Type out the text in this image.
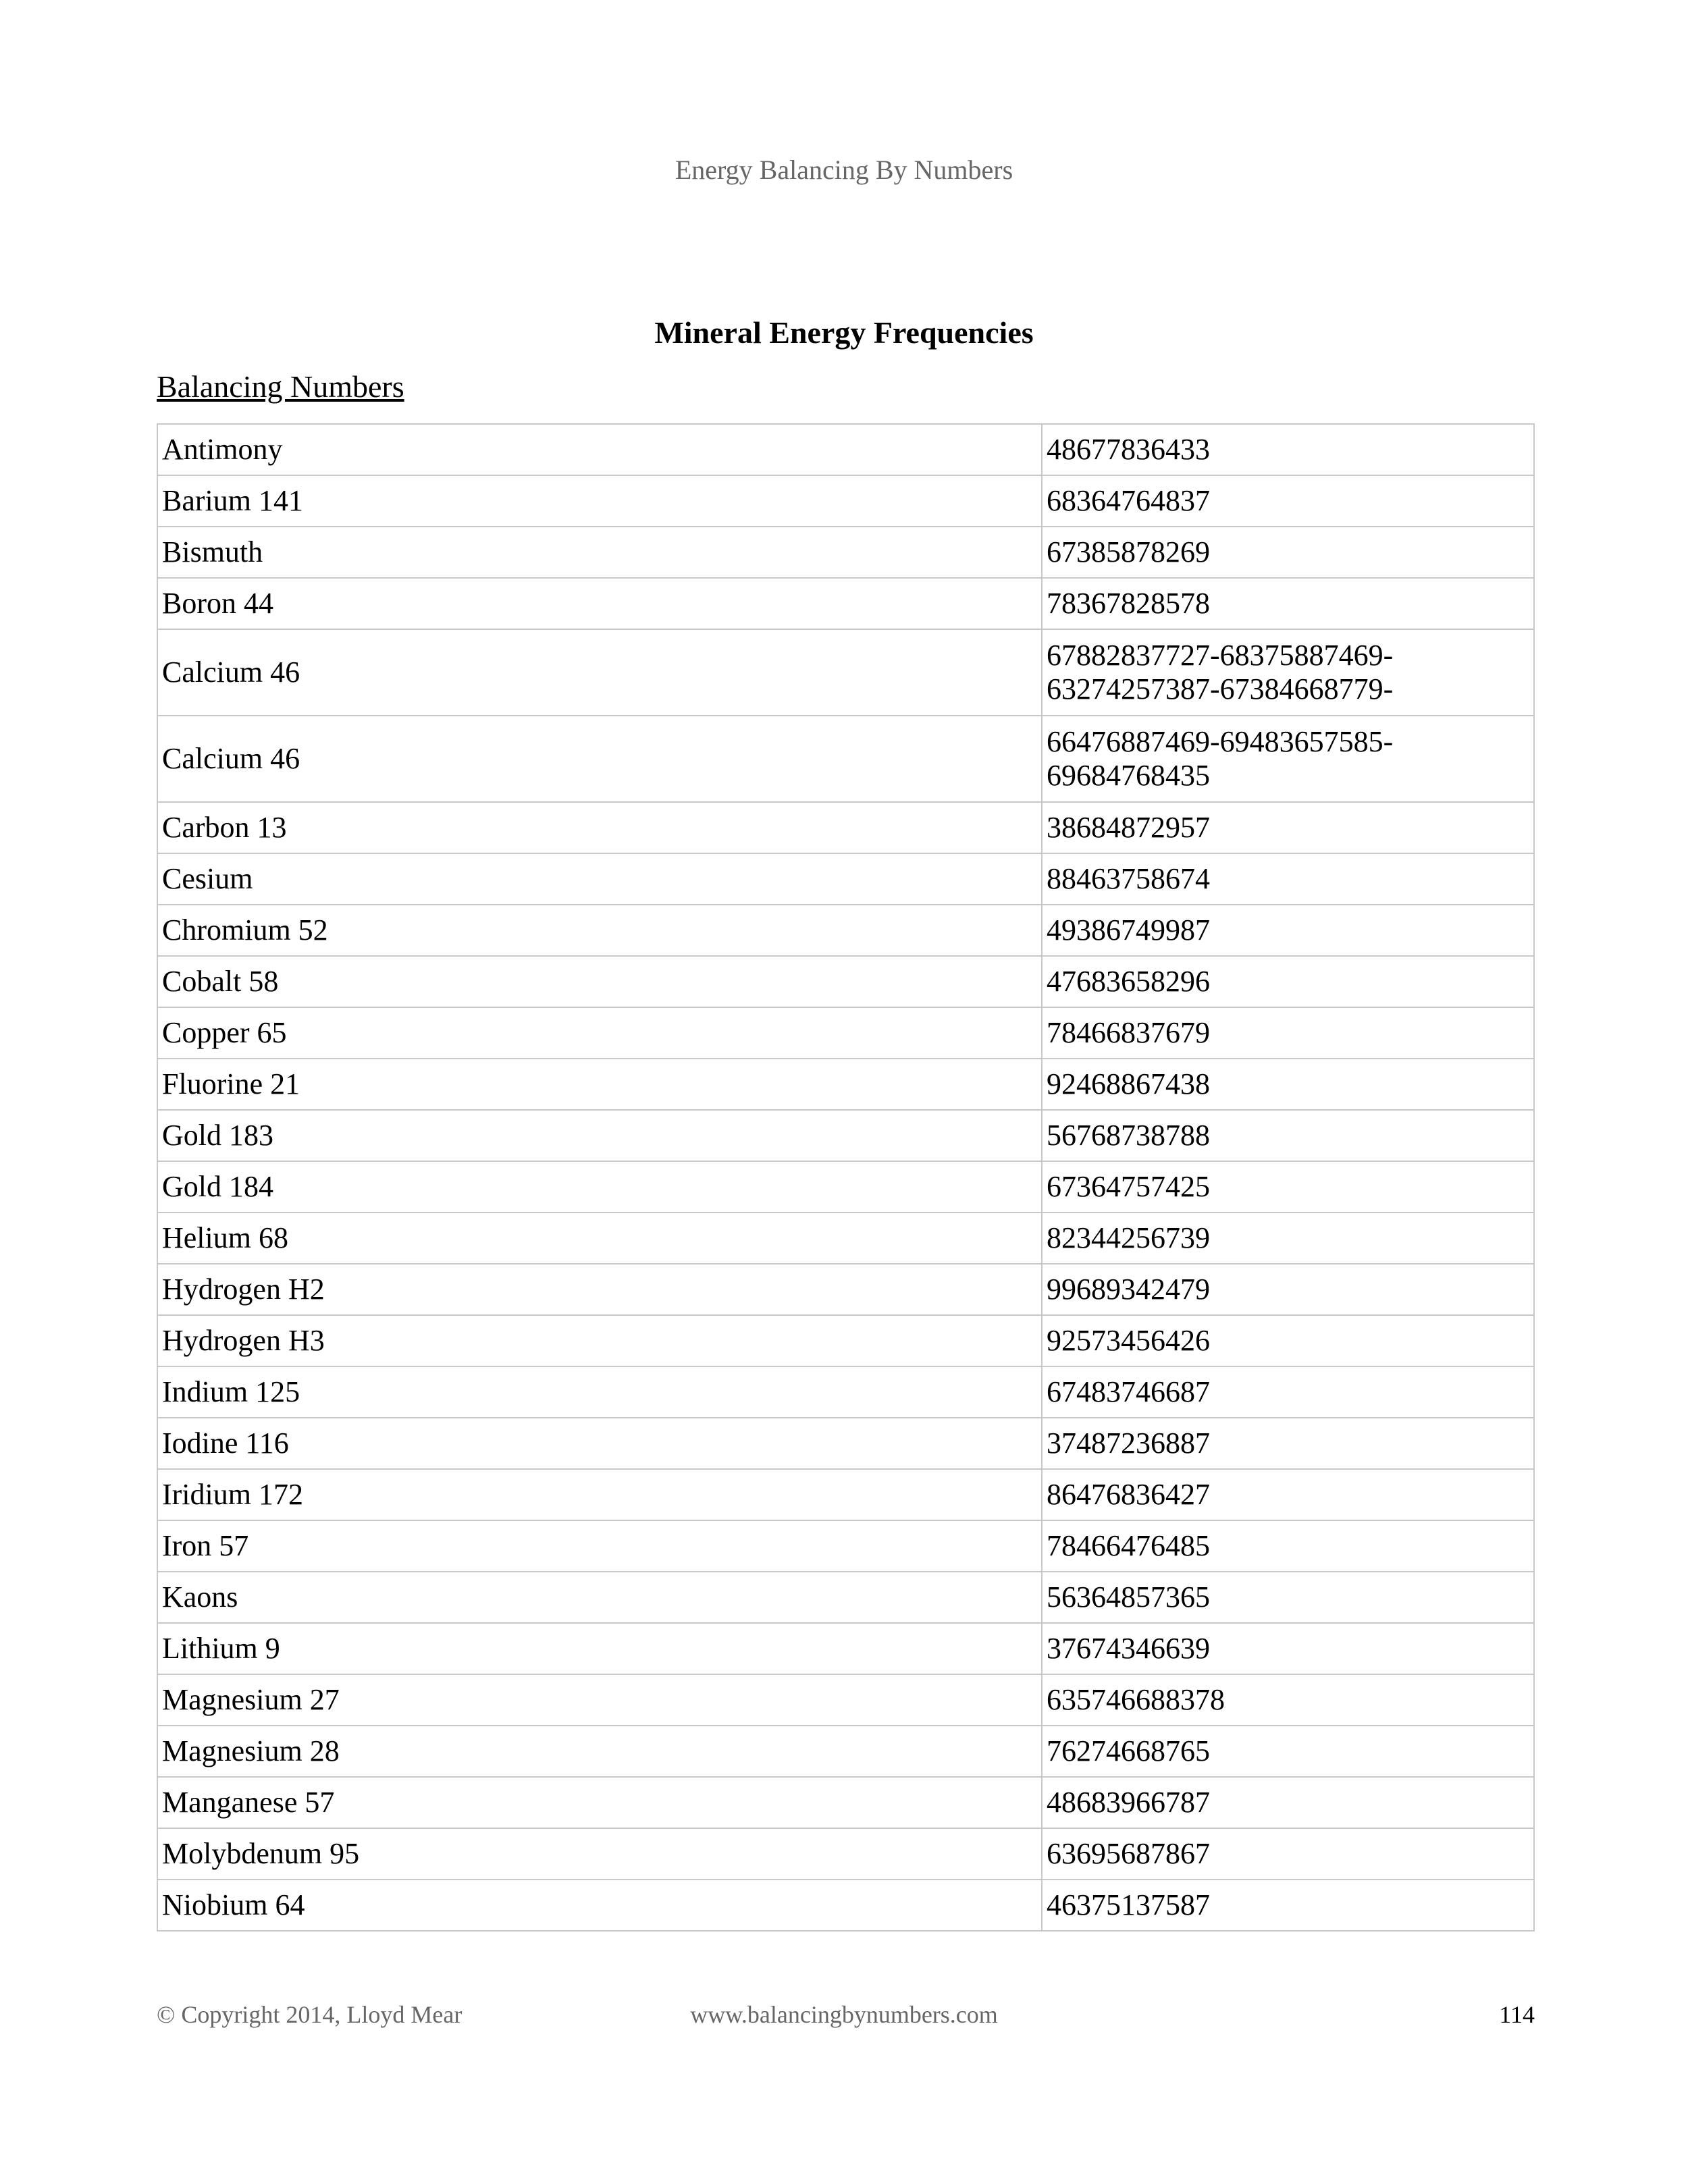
Energy Balancing By Numbers
Mineral Energy Frequencies
Balancing Numbers
Antimony	48677836433
Barium 141	68364764837
Bismuth	67385878269
Boron 44	78367828578
Calcium 46	67882837727-68375887469-
63274257387-67384668779-

Calcium 46	66476887469-69483657585-
69684768435

Carbon 13	38684872957
Cesium	88463758674
Chromium 52	49386749987
Cobalt 58	47683658296
Copper 65	78466837679
Fluorine 21	92468867438
Gold 183	56768738788
Gold 184	67364757425
Helium 68	82344256739
Hydrogen H2	99689342479
Hydrogen H3	92573456426
Indium 125	67483746687
Iodine 116	37487236887
Iridium 172	86476836427
Iron 57	78466476485
Kaons	56364857365
Lithium 9	37674346639
Magnesium 27	635746688378
Magnesium 28	76274668765
Manganese 57	48683966787
Molybdenum 95	63695687867
Niobium 64	46375137587
© Copyright 2014, Lloyd Mear	www.balancingbynumbers.com	114
